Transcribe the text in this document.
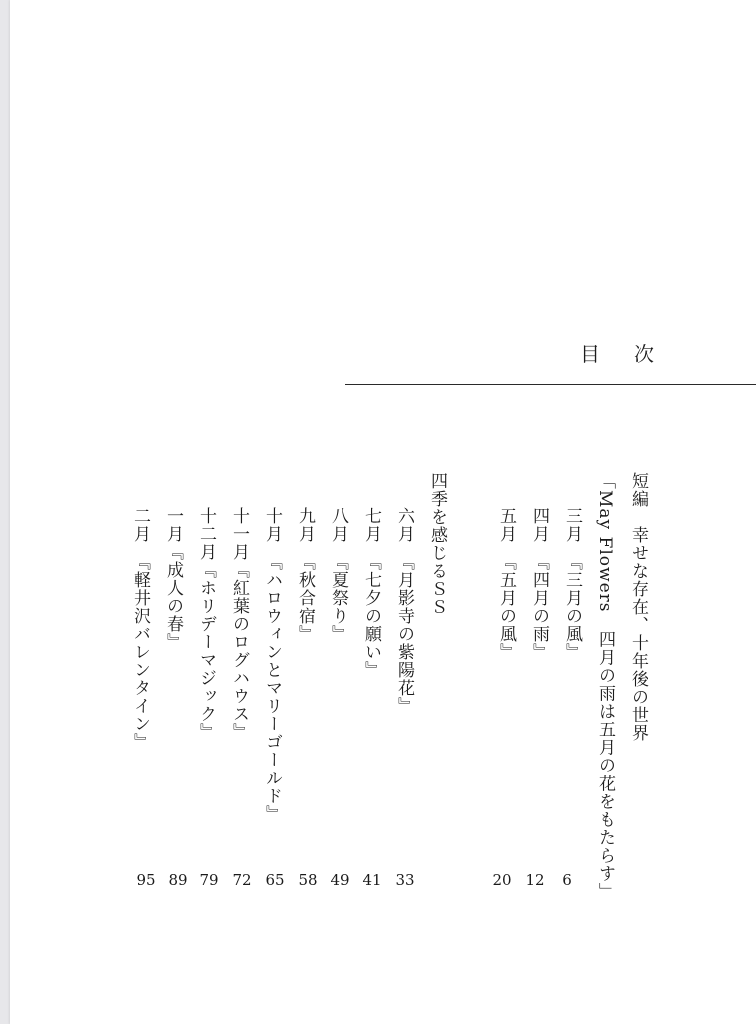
目 次
短編　幸せな存在、十年後の世界
「May Flowers　四月の雨は五月の花をもたらす」
三月『三月の風』
四月『四月の雨』
五月『五月の風』
四季を感じるＳＳ
六月『月影寺の紫陽花』
七月『七夕の願い』
八月『夏祭り』
九月『秋合宿』
十月『ハロウィンとマリーゴールド』
十一月『紅葉のログハウス』
十二月『ホリデーマジック』
一月『成人の春』
二月『軽井沢バレンタイン』
6
12
20
33
41
49
58
65
72
79
89
95
